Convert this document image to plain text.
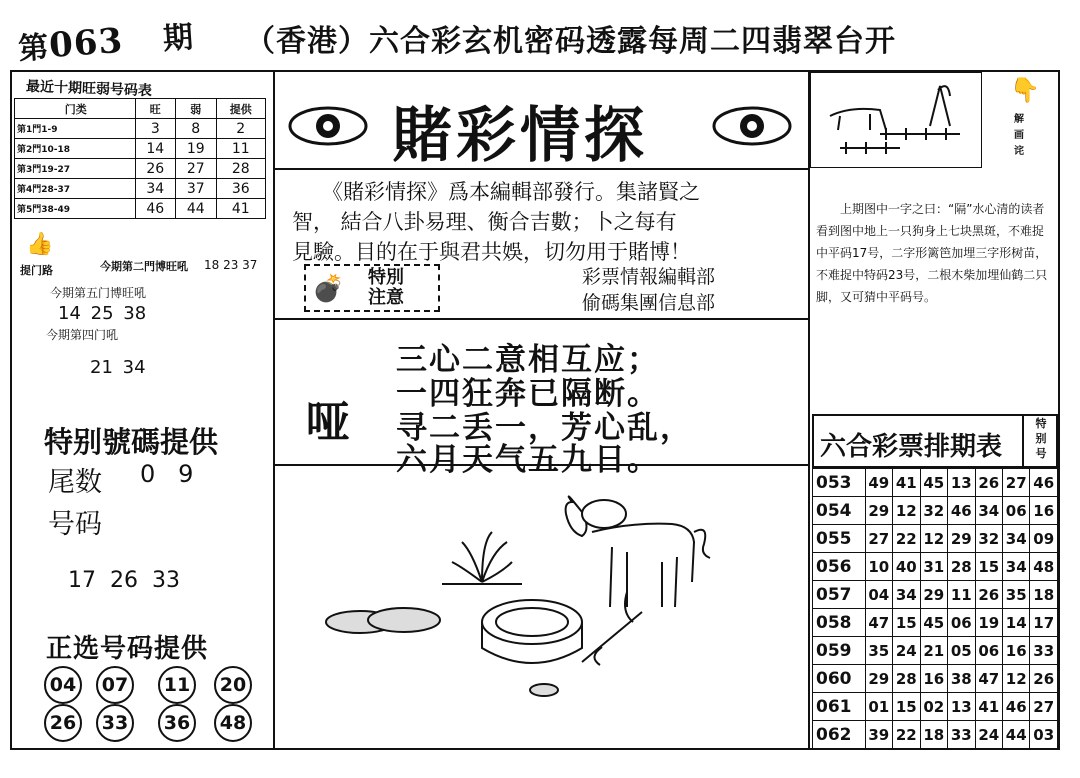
第063 期 （香港）六合彩玄机密码透露每周二四翡翠台开
最近十期旺弱号码表
门类	旺	弱	提供
第1門1-9	3	8	2
第2門10-18	14	19	11
第3門19-27	26	27	28
第4門28-37	34	37	36
第5門38-49	46	44	41
👍
提门路	今期第二門博旺吼 18 23 37
今期第五门博旺吼
14 25 38
今期第四门吼
21 34
特别號碼提供
尾数 0   9
号码
17  26  33
正选号码提供
04	07	11	20
26	33	36	48
賭彩情探
《賭彩情探》爲本編輯部發行。集諸賢之
智， 結合八卦易理、衡合吉數；卜之每有
見驗。目的在于與君共娛，切勿用于賭博！
💣 特別
注意
彩票情報編輯部
偷碼集團信息部
哑
三心二意相互应；
一四狂奔已隔断。
寻二丢一，芳心乱，
六月天气五九日。
👇
解
画
诧
上期图中一字之曰：“隔”水心清的读者看到图中地上一只狗身上七块黑斑，不难捉中平码17号，二字形篱笆加埋三字形树苗，不难捉中特码23号，二根木柴加埋仙鹤二只脚，又可猜中平码号。
六合彩票排期表
特
别
号
053	49	41	45	13	26	27	46
054	29	12	32	46	34	06	16
055	27	22	12	29	32	34	09
056	10	40	31	28	15	34	48
057	04	34	29	11	26	35	18
058	47	15	45	06	19	14	17
059	35	24	21	05	06	16	33
060	29	28	16	38	47	12	26
061	01	15	02	13	41	46	27
062	39	22	18	33	24	44	03
